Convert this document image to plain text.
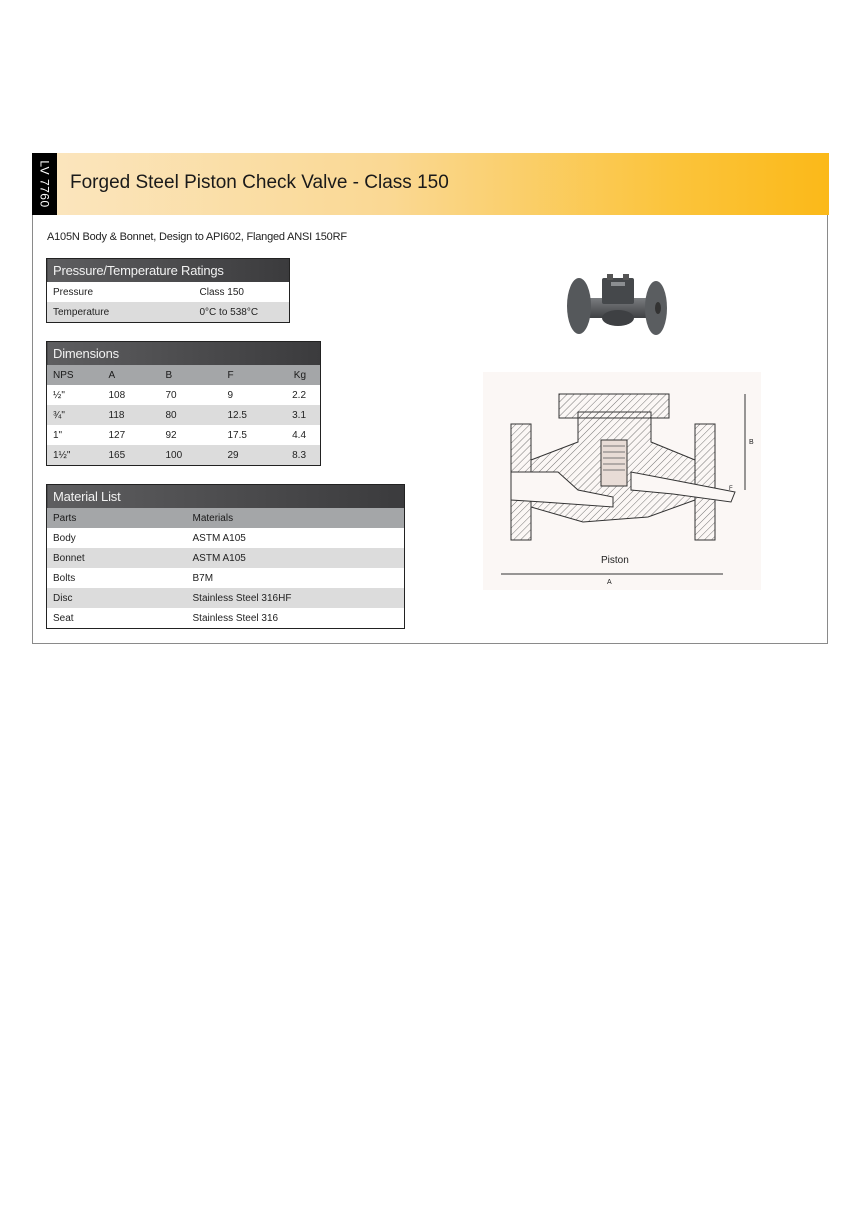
LV 7760 Forged Steel Piston Check Valve - Class 150
A105N Body & Bonnet, Design to API602, Flanged ANSI 150RF
Pressure/Temperature Ratings	
Pressure	Class 150
Temperature	0°C to 538°C
Dimensions				
NPS	A	B	F	Kg
½"	108	70	9	2.2
¾"	118	80	12.5	3.1
1"	127	92	17.5	4.4
1½"	165	100	29	8.3
Material List	
Parts	Materials
Body	ASTM A105
Bonnet	ASTM A105
Bolts	B7M
Disc	Stainless Steel 316HF
Seat	Stainless Steel 316
Piston
A
B
F
